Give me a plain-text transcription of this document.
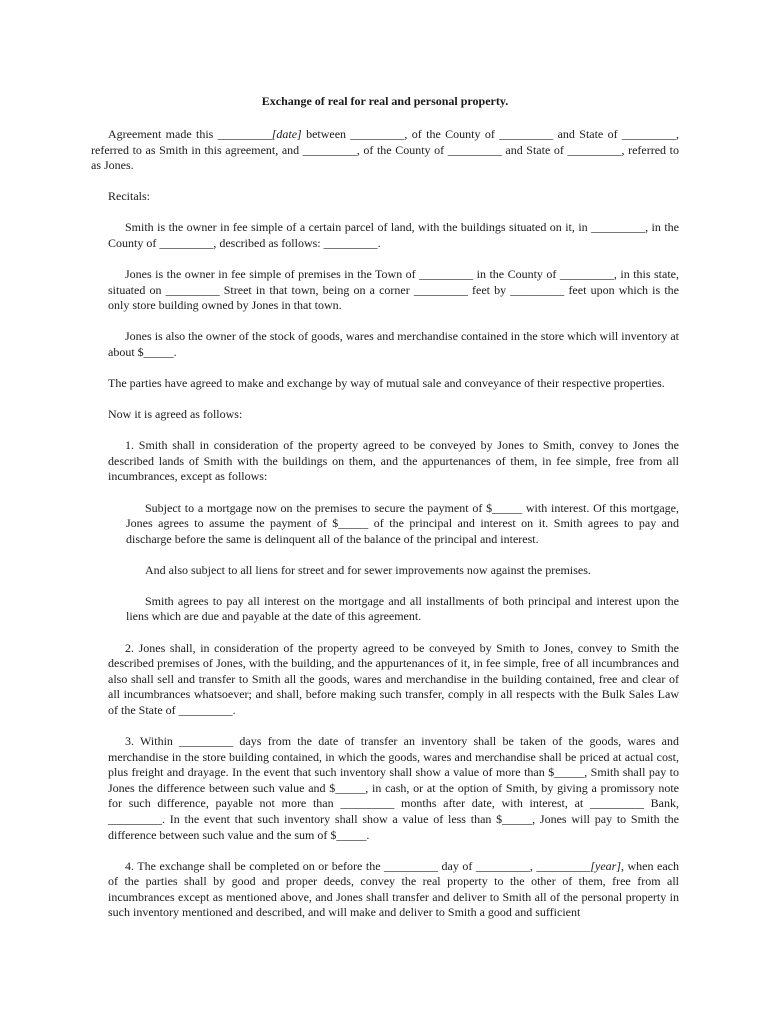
Exchange of real for real and personal property.

Agreement made this _________[date] between _________, of the County of _________ and State of _________, referred to as Smith in this agreement, and _________, of the County of _________ and State of _________, referred to as Jones.

Recitals:

Smith is the owner in fee simple of a certain parcel of land, with the buildings situated on it, in _________, in the County of _________, described as follows: _________.

Jones is the owner in fee simple of premises in the Town of _________ in the County of _________, in this state, situated on _________ Street in that town, being on a corner _________ feet by _________ feet upon which is the only store building owned by Jones in that town.

Jones is also the owner of the stock of goods, wares and merchandise contained in the store which will inventory at about $_____.

The parties have agreed to make and exchange by way of mutual sale and conveyance of their respective properties.

Now it is agreed as follows:

1. Smith shall in consideration of the property agreed to be conveyed by Jones to Smith, convey to Jones the described lands of Smith with the buildings on them, and the appurtenances of them, in fee simple, free from all incumbrances, except as follows:

Subject to a mortgage now on the premises to secure the payment of $_____ with interest. Of this mortgage, Jones agrees to assume the payment of $_____ of the principal and interest on it. Smith agrees to pay and discharge before the same is delinquent all of the balance of the principal and interest.

And also subject to all liens for street and for sewer improvements now against the premises.

Smith agrees to pay all interest on the mortgage and all installments of both principal and interest upon the liens which are due and payable at the date of this agreement.

2. Jones shall, in consideration of the property agreed to be conveyed by Smith to Jones, convey to Smith the described premises of Jones, with the building, and the appurtenances of it, in fee simple, free of all incumbrances and also shall sell and transfer to Smith all the goods, wares and merchandise in the building contained, free and clear of all incumbrances whatsoever; and shall, before making such transfer, comply in all respects with the Bulk Sales Law of the State of _________.

3. Within _________ days from the date of transfer an inventory shall be taken of the goods, wares and merchandise in the store building contained, in which the goods, wares and merchandise shall be priced at actual cost, plus freight and drayage. In the event that such inventory shall show a value of more than $_____, Smith shall pay to Jones the difference between such value and $_____, in cash, or at the option of Smith, by giving a promissory note for such difference, payable not more than _________ months after date, with interest, at _________ Bank, _________. In the event that such inventory shall show a value of less than $_____, Jones will pay to Smith the difference between such value and the sum of $_____.

4. The exchange shall be completed on or before the _________ day of _________, _________[year], when each of the parties shall by good and proper deeds, convey the real property to the other of them, free from all incumbrances except as mentioned above, and Jones shall transfer and deliver to Smith all of the personal property in such inventory mentioned and described, and will make and deliver to Smith a good and sufficient
